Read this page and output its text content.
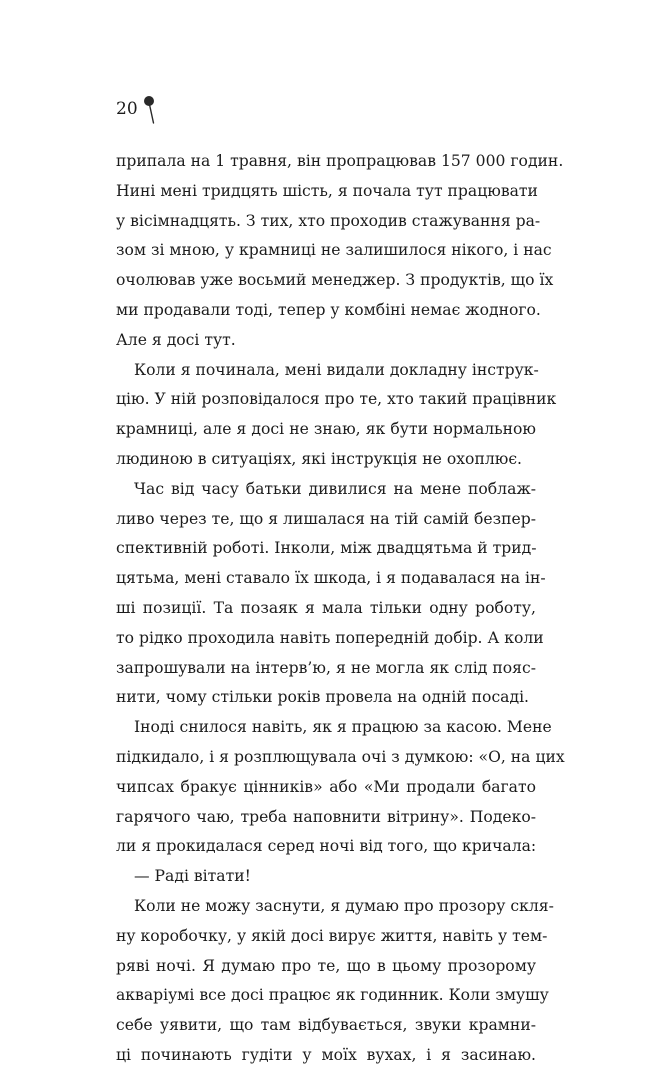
20
припала на 1 травня, він пропрацював 157 000 годин.
Нині мені тридцять шість, я почала тут працювати
у вісімнадцять. З тих, хто проходив стажування ра-
зом зі мною, у крамниці не залишилося нікого, і нас
очолював уже восьмий менеджер. З продуктів, що їх
ми продавали тоді, тепер у комбіні немає жодного.
Але я досі тут.
Коли я починала, мені видали докладну інструк-
цію. У ній розповідалося про те, хто такий працівник
крамниці, але я досі не знаю, як бути нормальною
людиною в ситуаціях, які інструкція не охоплює.
Час від часу батьки дивилися на мене поблаж-
ливо через те, що я лишалася на тій самій безпер-
спективній роботі. Інколи, між двадцятьма й трид-
цятьма, мені ставало їх шкода, і я подавалася на ін-
ші позиції. Та позаяк я мала тільки одну роботу,
то рідко проходила навіть попередній добір. А коли
запрошували на інтерв’ю, я не могла як слід пояс-
нити, чому стільки років провела на одній посаді.
Іноді снилося навіть, як я працюю за касою. Мене
підкидало, і я розплющувала очі з думкою: «О, на цих
чипсах бракує цінників» або «Ми продали багато
гарячого чаю, треба наповнити вітрину». Подеко-
ли я прокидалася серед ночі від того, що кричала:
— Раді вітати!
Коли не можу заснути, я думаю про прозору скля-
ну коробочку, у якій досі вирує життя, навіть у тем-
ряві ночі. Я думаю про те, що в цьому прозорому
акваріумі все досі працює як годинник. Коли змушу
себе уявити, що там відбувається, звуки крамни-
ці починають гудіти у моїх вухах, і я засинаю.
